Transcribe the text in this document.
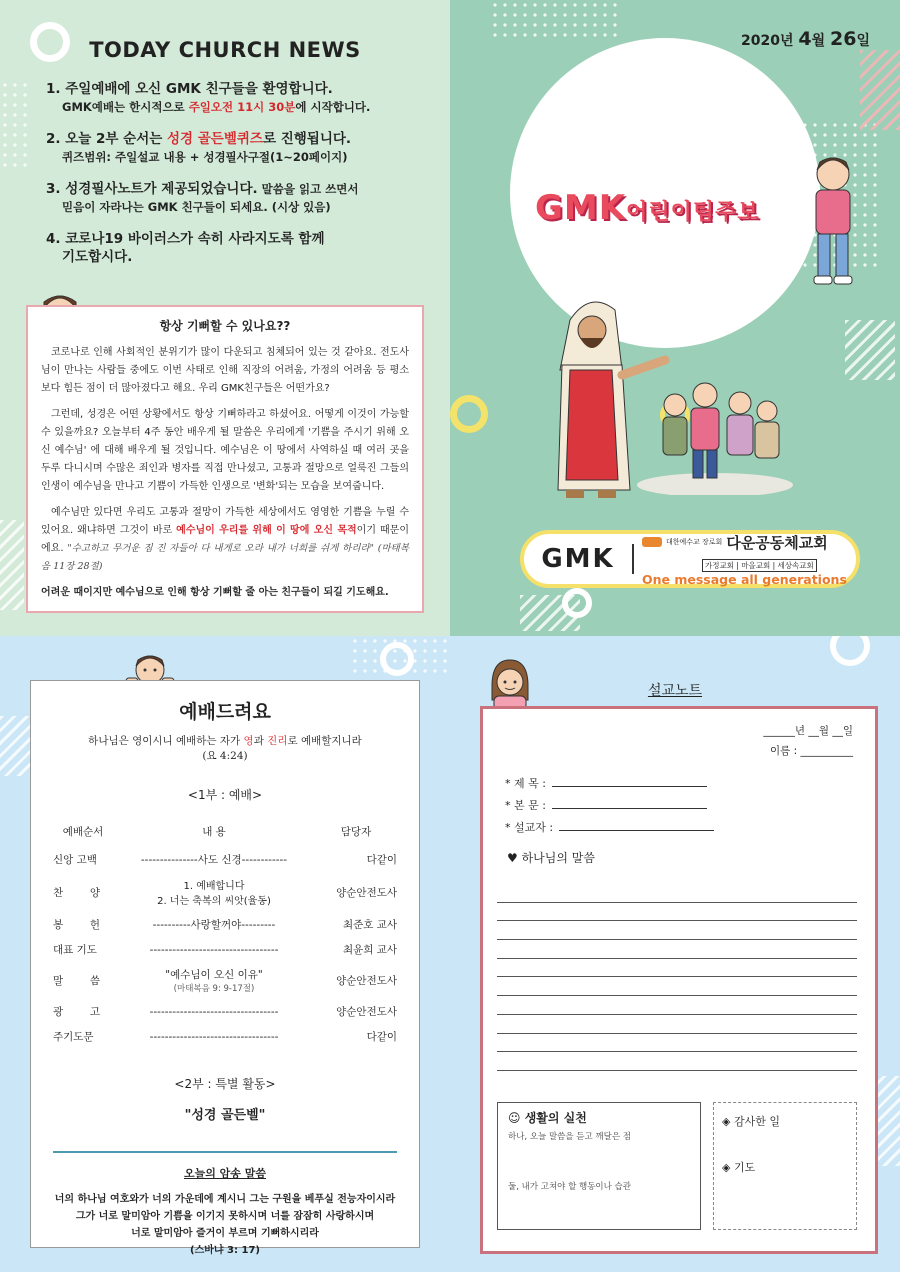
TODAY CHURCH NEWS
1. 주일예배에 오신 GMK 친구들을 환영합니다.
GMK예배는 한시적으로 주일오전 11시 30분에 시작합니다.
2. 오늘 2부 순서는 성경 골든벨퀴즈로 진행됩니다.
퀴즈범위: 주일설교 내용 + 성경필사구절(1~20페이지)
3. 성경필사노트가 제공되었습니다. 말씀을 읽고 쓰면서
믿음이 자라나는 GMK 친구들이 되세요. (시상 있음)
4. 코로나19 바이러스가 속히 사라지도록 함께
기도합시다.
항상 기뻐할 수 있나요??

코로나로 인해 사회적인 분위기가 많이 다운되고 침체되어 있는 것 같아요. 전도사님이 만나는 사람들 중에도 이번 사태로 인해 직장의 어려움, 가정의 어려움 등 평소보다 힘든 점이 더 많아졌다고 해요. 우리 GMK친구들은 어떤가요?

그런데, 성경은 어떤 상황에서도 항상 기뻐하라고 하셨어요. 어떻게 이것이 가능할 수 있을까요? 오늘부터 4주 동안 배우게 될 말씀은 우리에게 '기쁨을 주시기 위해 오신 예수님' 에 대해 배우게 될 것입니다. 예수님은 이 땅에서 사역하실 때 여러 곳을 두루 다니시며 수많은 죄인과 병자를 직접 만나셨고, 고통과 절망으로 얼룩진 그들의 인생이 예수님을 만나고 기쁨이 가득한 인생으로 '변화'되는 모습을 보여줍니다.

예수님만 있다면 우리도 고통과 절망이 가득한 세상에서도 영영한 기쁨을 누릴 수 있어요. 왜냐하면 그것이 바로 예수님이 우리를 위해 이 땅에 오신 목적이기 때문이에요. "수고하고 무거운 짐 진 자들아 다 내게로 오라 내가 너희를 쉬게 하리라" (마태복음 11장 28절)

어려운 때이지만 예수님으로 인해 항상 기뻐할 줄 아는 친구들이 되길 기도해요.

2020년 4월 26일
GMK어린이팀주보
GMK
대한예수교 장로회 다운공동체교회
가정교회 | 마을교회 | 세상속교회
One message all generations
예배드려요
하나님은 영이시니 예배하는 자가 영과 진리로 예배할지니라
(요 4:24)
<1부 : 예배>
예배순서	내 용	담당자
신앙 고백	---------------사도 신경------------	다같이
찬        양	1. 예배합니다
2. 너는 축복의 씨앗(율동)	양순안전도사
봉        헌	----------사랑할꺼야---------	최준호 교사
대표 기도	----------------------------------	최윤희 교사
말        씀	"예수님이 오신 이유"
(마태복음 9: 9-17절)	양순안전도사
광        고	----------------------------------	양순안전도사
주기도문	----------------------------------	다같이
<2부 : 특별 활동>
"성경 골든벨"
오늘의 암송 말씀
너의 하나님 여호와가 너의 가운데에 계시니 그는 구원을 베푸실 전능자이시라
그가 너로 말미암아 기쁨을 이기지 못하시며 너를 잠잠히 사랑하시며
너로 말미암아 즐거이 부르며 기뻐하시리라
(스바냐 3: 17)
설교노트
______년 __월 __일
이름 : __________
* 제 목 :
* 본 문 :
* 설교자 :
♥ 하나님의 말씀
☺ 생활의 실천
하나, 오늘 말씀을 듣고 깨달은 점
둘, 내가 고쳐야 할 행동이나 습관
◈ 감사한 일
◈ 기도
